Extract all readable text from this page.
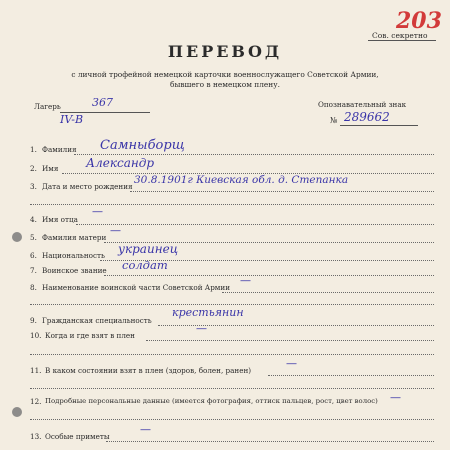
Сов. секретно
203
ПЕРЕВОД
с личной трофейной немецкой карточки военнослужащего Советской Армии,
бывшего в немецком плену.
Лагерь	367
IV-B
Опознавательный знак
№ 289662
1. Фамилия Самныборщ
2. Имя Александр
3. Дата и место рождения
30.8.1901г Киевская обл. д. Степанка
4. Имя отца
—
5. Фамилия матери
—
6. Национальность украинец
7. Воинское звание солдат
8. Наименование воинской части Советской Армии
—
9. Гражданская специальность
крестьянин
10. Когда и где взят в плен
—
11. В каком состоянии взят в плен (здоров, болен, ранен)
—
12. Подробные персональные данные (имеется фотография, оттиск пальцев, рост, цвет волос) —
13. Особые приметы
—
